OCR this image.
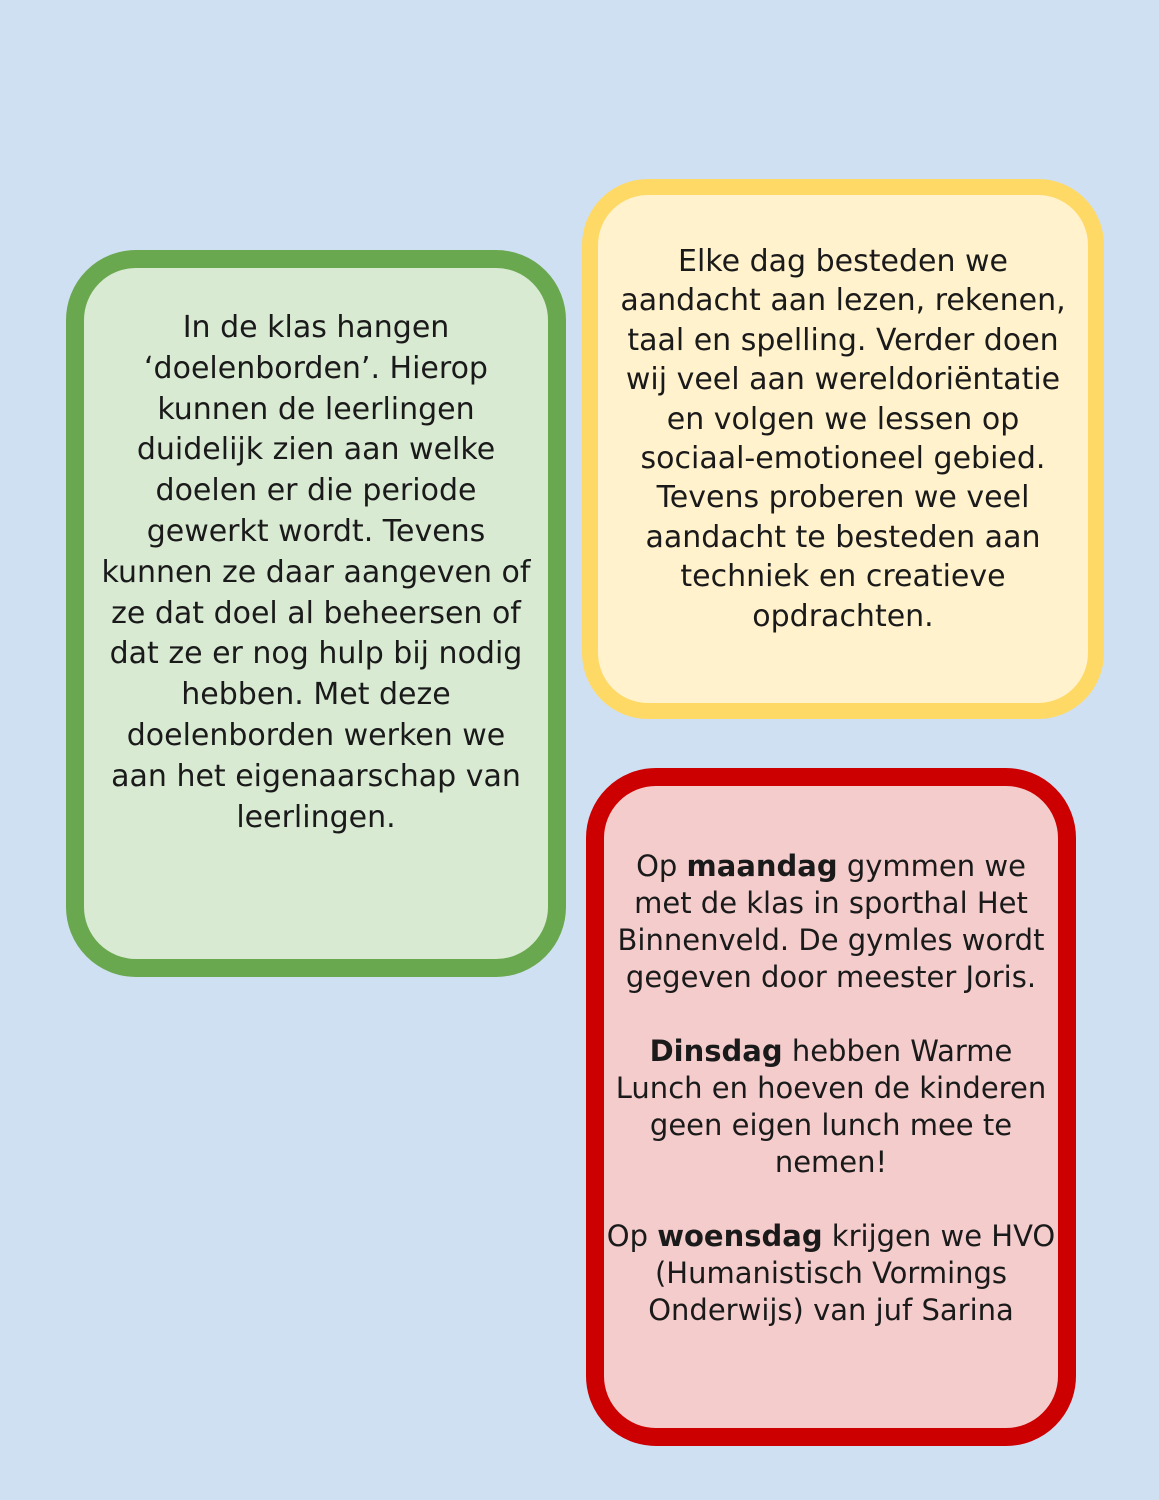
In de klas hangen ‘doelenborden’. Hierop kunnen de leerlingen duidelijk zien aan welke doelen er die periode gewerkt wordt. Tevens kunnen ze daar aangeven of ze dat doel al beheersen of dat ze er nog hulp bij nodig hebben. Met deze doelenborden werken we aan het eigenaarschap van leerlingen.

Elke dag besteden we aandacht aan lezen, rekenen, taal en spelling. Verder doen wij veel aan wereldoriëntatie en volgen we lessen op sociaal-emotioneel gebied. Tevens proberen we veel aandacht te besteden aan techniek en creatieve opdrachten.

Op maandag gymmen we met de klas in sporthal Het Binnenveld. De gymles wordt gegeven door meester Joris.
Dinsdag hebben Warme Lunch en hoeven de kinderen geen eigen lunch mee te nemen!
Op woensdag krijgen we HVO (Humanistisch Vormings Onderwijs) van juf Sarina
